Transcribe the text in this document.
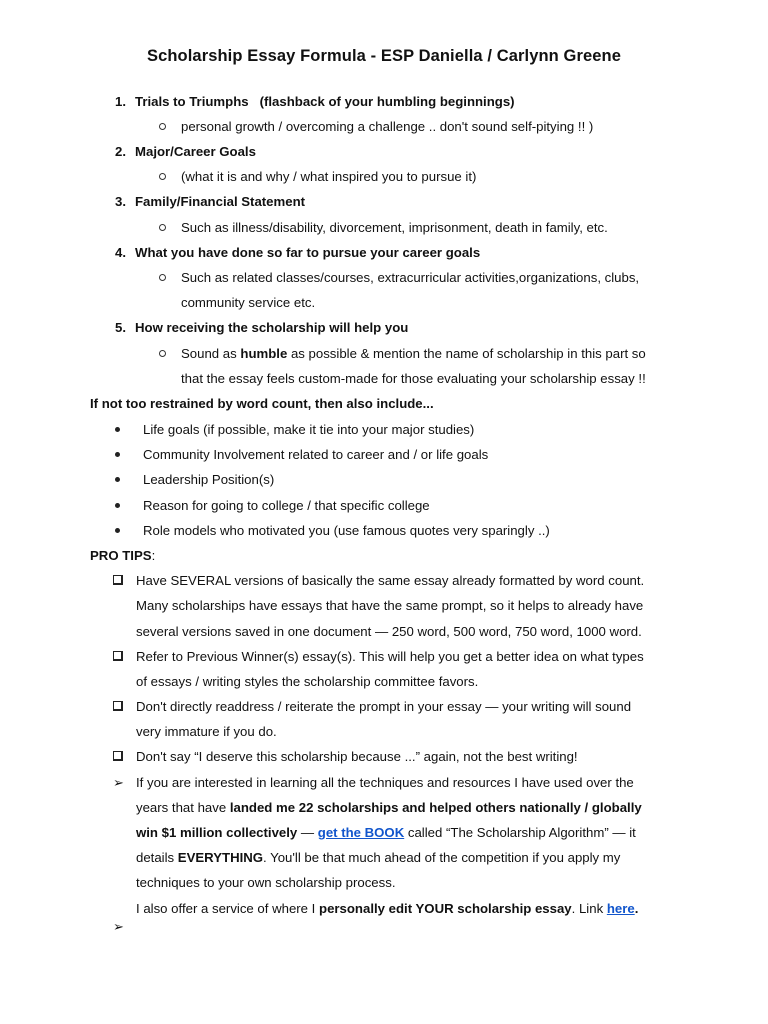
Scholarship Essay Formula - ESP Daniella / Carlynn Greene
1. Trials to Triumphs (flashback of your humbling beginnings)
personal growth / overcoming a challenge .. don't sound self-pitying !! )
2. Major/Career Goals
(what it is and why / what inspired you to pursue it)
3. Family/Financial Statement
Such as illness/disability, divorcement, imprisonment, death in family, etc.
4. What you have done so far to pursue your career goals
Such as related classes/courses, extracurricular activities,organizations, clubs,
community service etc.
5. How receiving the scholarship will help you
Sound as humble as possible & mention the name of scholarship in this part so
that the essay feels custom-made for those evaluating your scholarship essay !!
If not too restrained by word count, then also include...
Life goals (if possible, make it tie into your major studies)
Community Involvement related to career and / or life goals
Leadership Position(s)
Reason for going to college / that specific college
Role models who motivated you (use famous quotes very sparingly ..)
PRO TIPS:
Have SEVERAL versions of basically the same essay already formatted by word count.
Many scholarships have essays that have the same prompt, so it helps to already have
several versions saved in one document — 250 word, 500 word, 750 word, 1000 word.
Refer to Previous Winner(s) essay(s). This will help you get a better idea on what types
of essays / writing styles the scholarship committee favors.
Don't directly readdress / reiterate the prompt in your essay — your writing will sound
very immature if you do.
Don't say “I deserve this scholarship because ...” again, not the best writing!
➢ If you are interested in learning all the techniques and resources I have used over the
years that have landed me 22 scholarships and helped others nationally / globally
win $1 million collectively — get the BOOK called “The Scholarship Algorithm” — it
details EVERYTHING. You'll be that much ahead of the competition if you apply my
techniques to your own scholarship process.
➢
I also offer a service of where I personally edit YOUR scholarship essay. Link here.
